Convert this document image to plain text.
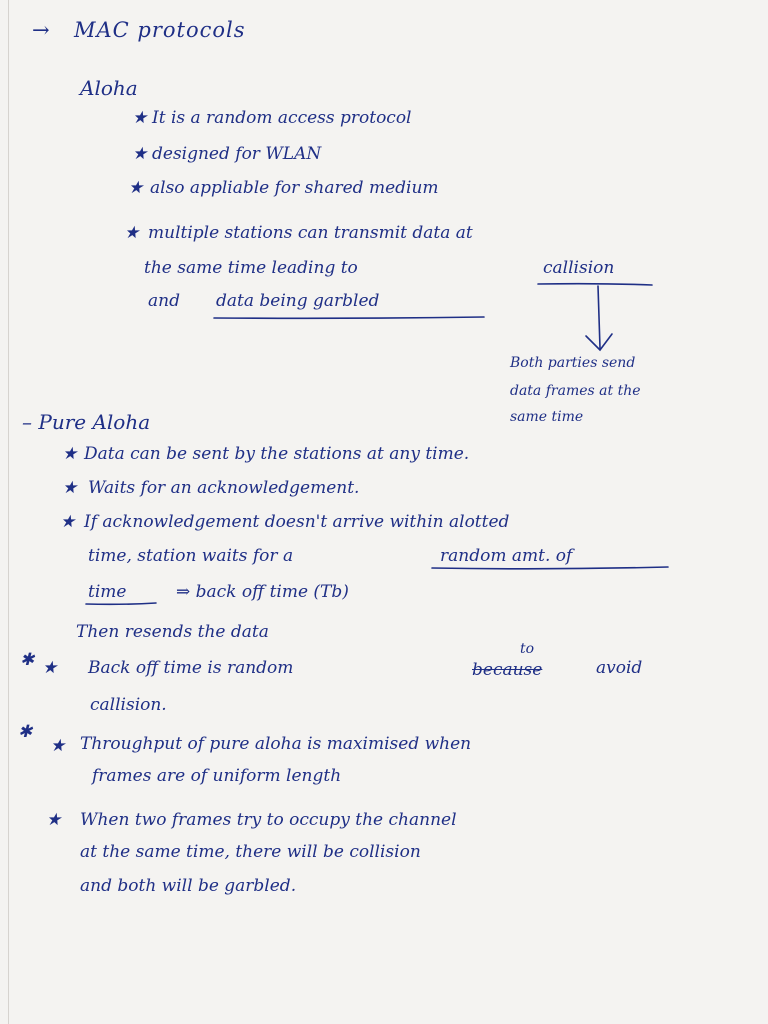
→ MAC protocols
Aloha
★ It is a random access protocol
★ designed for WLAN
★ also appliable for shared medium
★ multiple stations can transmit data at
the same time leading to	callision
and data being garbled
Both parties send
data frames at the
same time
– Pure Aloha
★ Data can be sent by the stations at any time.
★ Waits for an acknowledgement.
★ If acknowledgement doesn't arrive within alotted
time, station waits for a	random amt. of
time	⇒ back off time (Tb)
Then resends the data
✱ ★ Back off time is random	because
to
avoid
callision.
✱
★ Throughput of pure aloha is maximised when
frames are of uniform length
★ When two frames try to occupy the channel
at the same time, there will be collision
and both will be garbled.
